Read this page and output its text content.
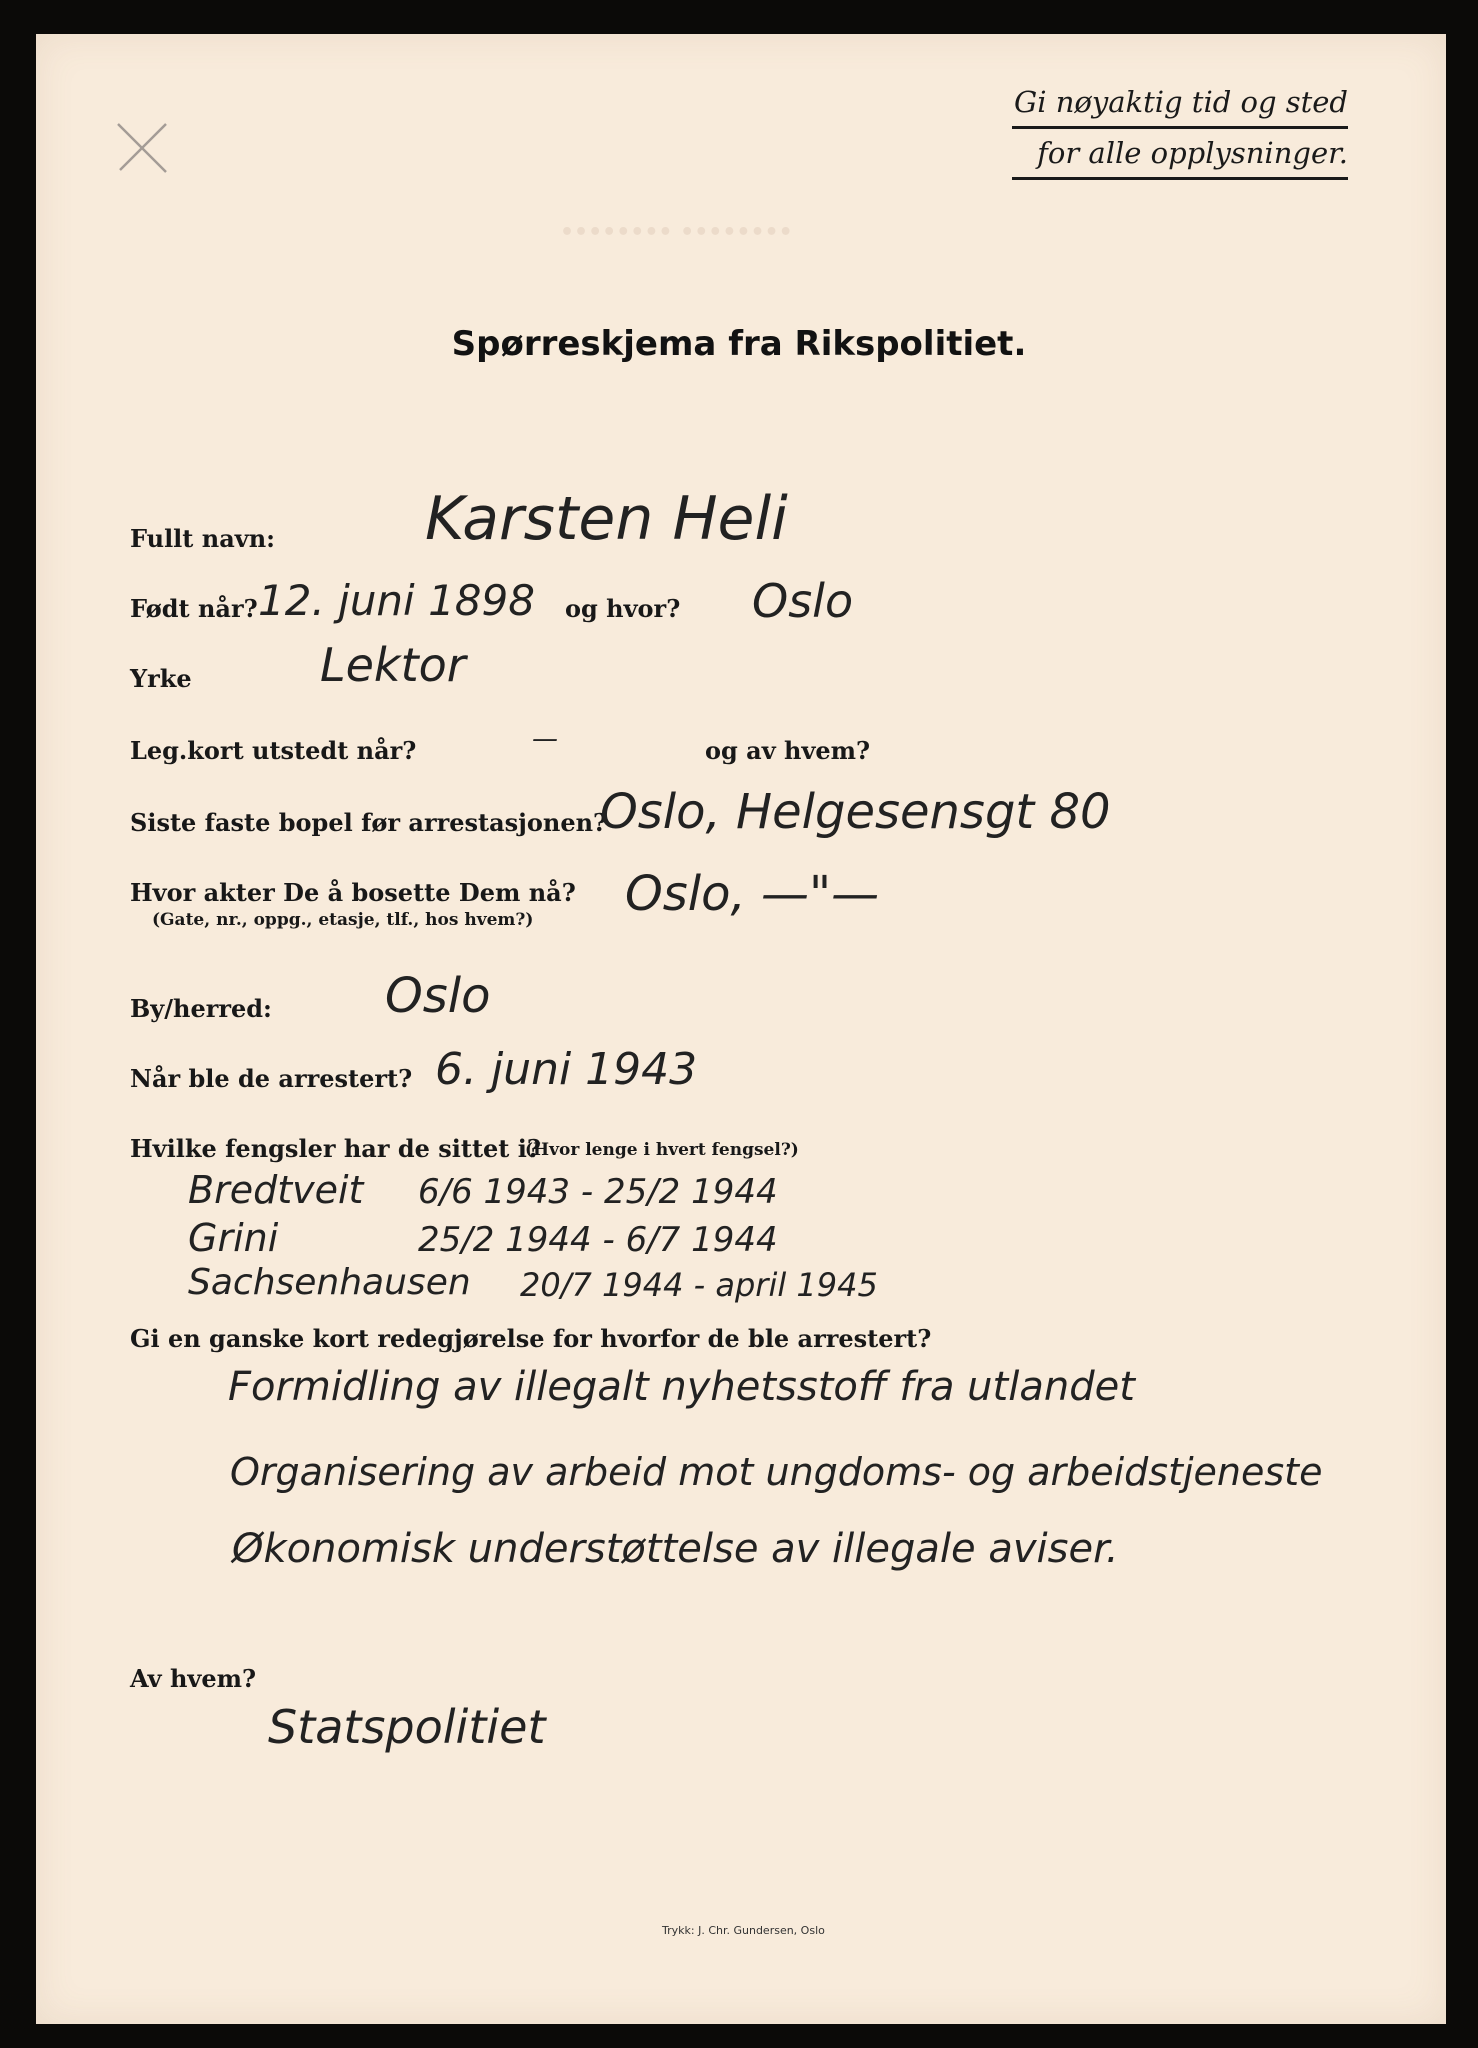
Gi nøyaktig tid og sted
for alle opplysninger.
•••••••• ••••••••
Spørreskjema fra Rikspolitiet.
Fullt navn:	Karsten Heli
Født når? 12. juni 1898 og hvor? Oslo
Yrke	Lektor
Leg.kort utstedt når?	—	og av hvem?
Siste faste bopel før arrestasjonen?
Oslo, Helgesensgt 80
Hvor akter De å bosette Dem nå?
(Gate, nr., oppg., etasje, tlf., hos hvem?) Oslo, —"—
By/herred: Oslo
Når ble de arrestert? 6. juni 1943
Hvilke fengsler har de sittet i?
(Hvor lenge i hvert fengsel?)
Bredtveit 6/6 1943 - 25/2 1944
Grini	25/2 1944 - 6/7 1944
Sachsenhausen 20/7 1944 - april 1945
Gi en ganske kort redegjørelse for hvorfor de ble arrestert?
Formidling av illegalt nyhetsstoff fra utlandet
Organisering av arbeid mot ungdoms- og arbeidstjeneste
Økonomisk understøttelse av illegale aviser.
Av hvem?
Statspolitiet
Trykk: J. Chr. Gundersen, Oslo
